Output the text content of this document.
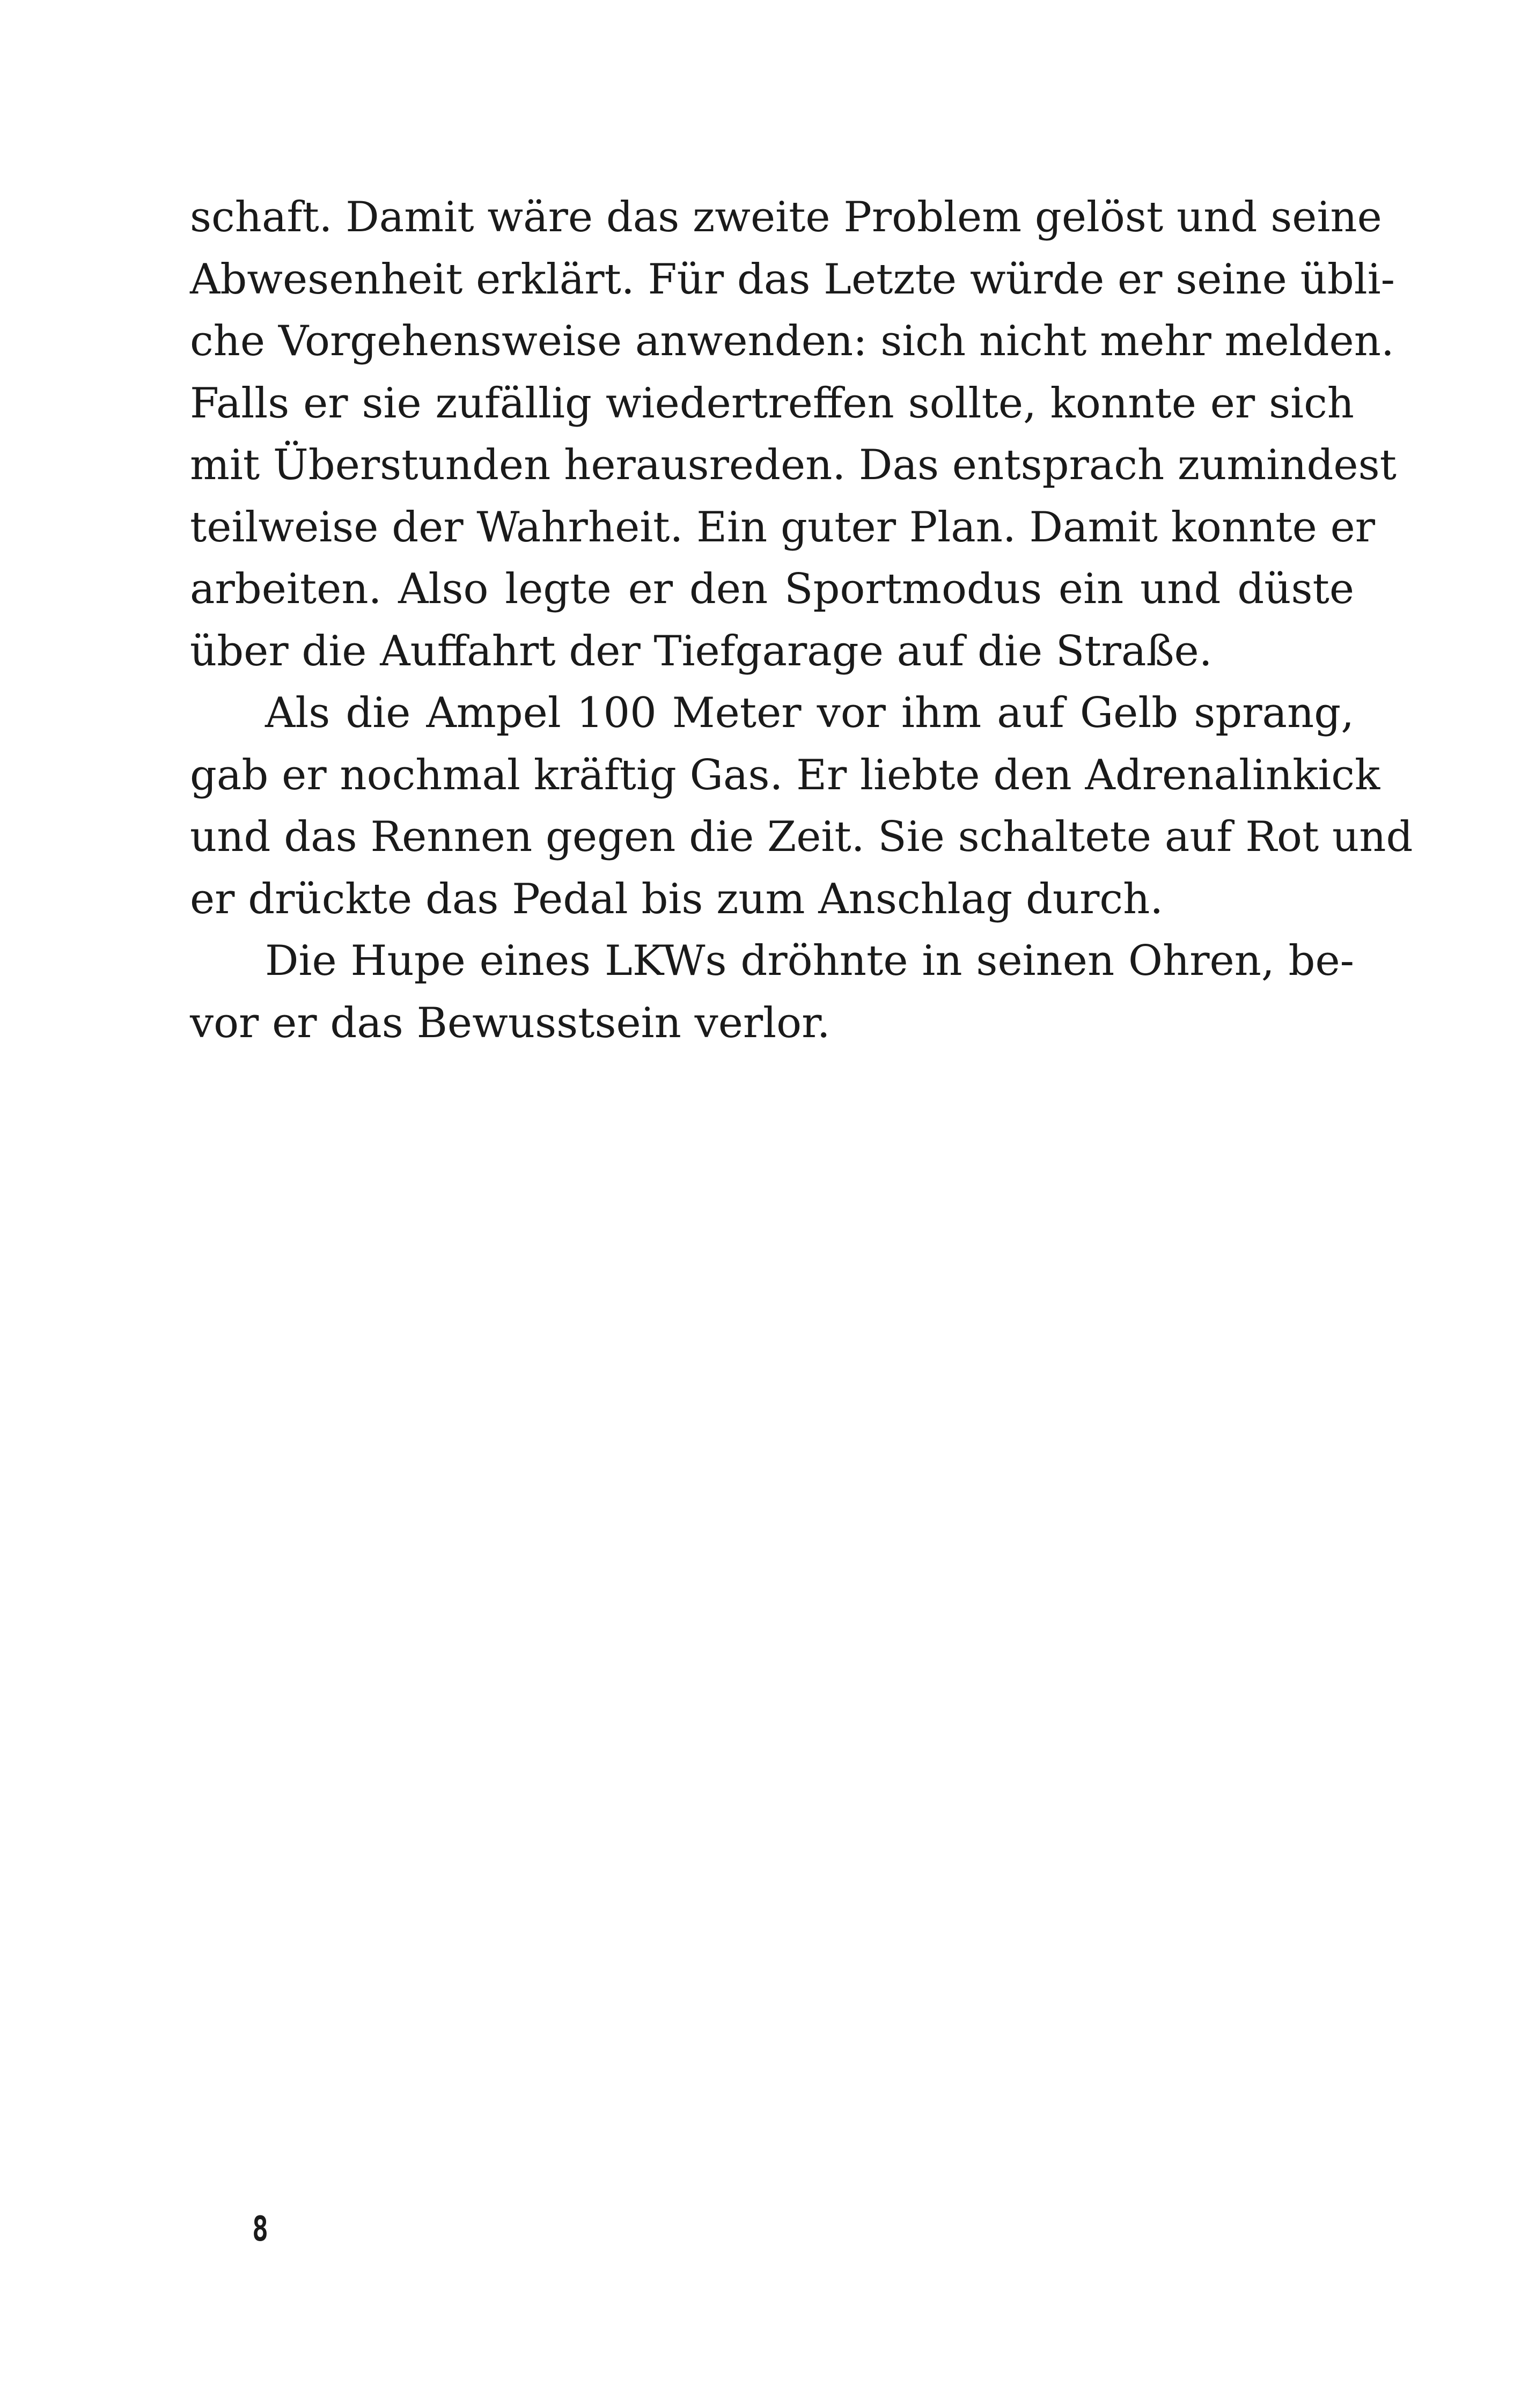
schaft. Damit wäre das zweite Problem gelöst und seine
Abwesenheit erklärt. Für das Letzte würde er seine übli-
che Vorgehensweise anwenden: sich nicht mehr melden.
Falls er sie zufällig wiedertreffen sollte, konnte er sich
mit Überstunden herausreden. Das entsprach zumindest
teilweise der Wahrheit. Ein guter Plan. Damit konnte er
arbeiten. Also legte er den Sportmodus ein und düste
über die Auffahrt der Tiefgarage auf die Straße.
Als die Ampel 100 Meter vor ihm auf Gelb sprang,
gab er nochmal kräftig Gas. Er liebte den Adrenalinkick
und das Rennen gegen die Zeit. Sie schaltete auf Rot und
er drückte das Pedal bis zum Anschlag durch.
Die Hupe eines LKWs dröhnte in seinen Ohren, be-
vor er das Bewusstsein verlor.
8
